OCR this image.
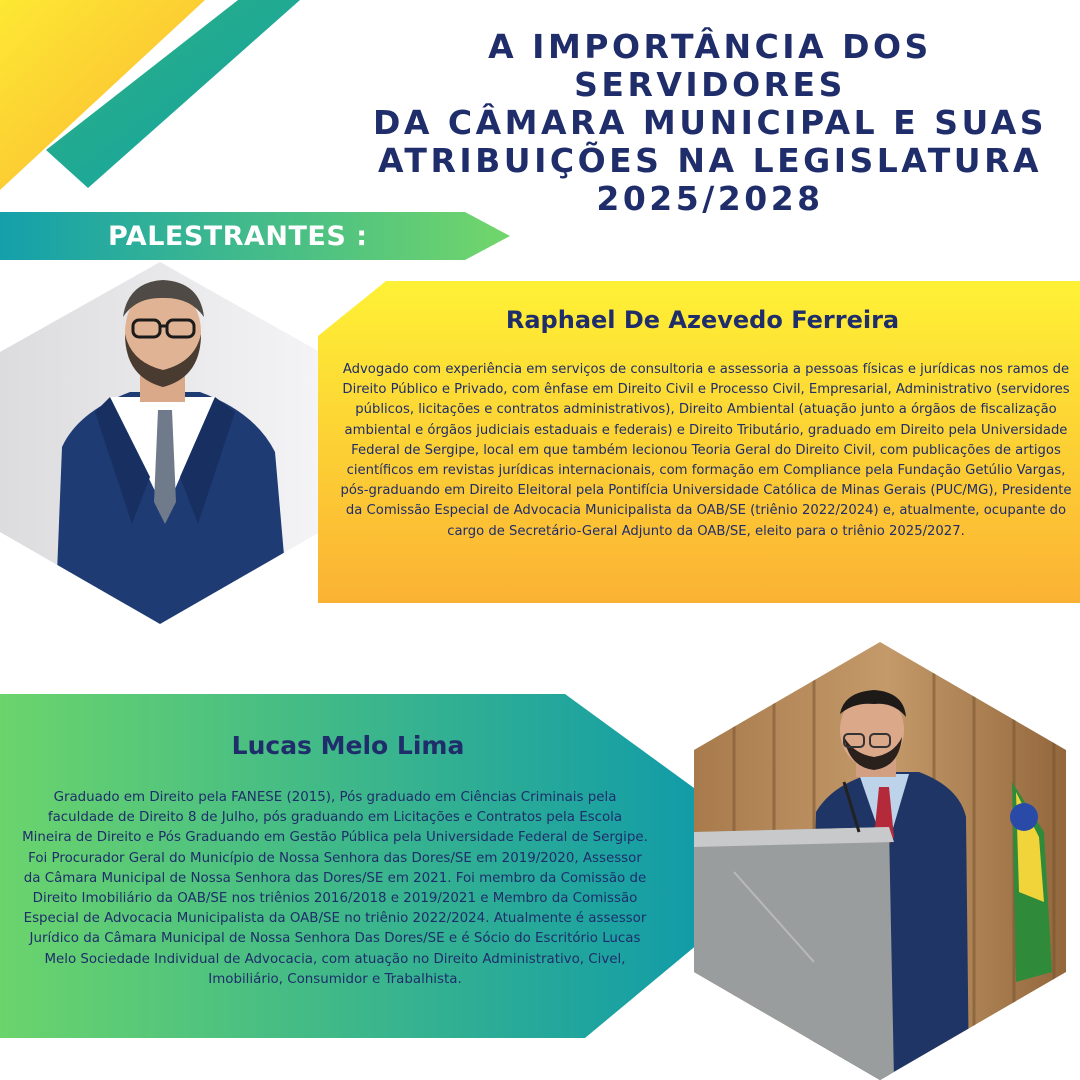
A IMPORTÂNCIA DOS SERVIDORES
DA CÂMARA MUNICIPAL E SUAS
ATRIBUIÇÕES NA LEGISLATURA
2025/2028
PALESTRANTES :
Raphael De Azevedo Ferreira
Advogado com experiência em serviços de consultoria e assessoria a pessoas físicas e jurídicas nos ramos de Direito Público e Privado, com ênfase em Direito Civil e Processo Civil, Empresarial, Administrativo (servidores públicos, licitações e contratos administrativos), Direito Ambiental (atuação junto a órgãos de fiscalização ambiental e órgãos judiciais estaduais e federais) e Direito Tributário, graduado em Direito pela Universidade Federal de Sergipe, local em que também lecionou Teoria Geral do Direito Civil, com publicações de artigos científicos em revistas jurídicas internacionais, com formação em Compliance pela Fundação Getúlio Vargas, pós-graduando em Direito Eleitoral pela Pontifícia Universidade Católica de Minas Gerais (PUC/MG), Presidente da Comissão Especial de Advocacia Municipalista da OAB/SE (triênio 2022/2024) e, atualmente, ocupante do cargo de Secretário-Geral Adjunto da OAB/SE, eleito para o triênio 2025/2027.
Lucas Melo Lima
Graduado em Direito pela FANESE (2015), Pós graduado em Ciências Criminais pela faculdade de Direito 8 de Julho, pós graduando em Licitações e Contratos pela Escola Mineira de Direito e Pós Graduando em Gestão Pública pela Universidade Federal de Sergipe. Foi Procurador Geral do Município de Nossa Senhora das Dores/SE em 2019/2020, Assessor da Câmara Municipal de Nossa Senhora das Dores/SE em 2021. Foi membro da Comissão de Direito Imobiliário da OAB/SE nos triênios 2016/2018 e 2019/2021 e Membro da Comissão Especial de Advocacia Municipalista da OAB/SE no triênio 2022/2024. Atualmente é assessor Jurídico da Câmara Municipal de Nossa Senhora Das Dores/SE e é Sócio do Escritório Lucas Melo Sociedade Individual de Advocacia, com atuação no Direito Administrativo, Civel, Imobiliário, Consumidor e Trabalhista.
